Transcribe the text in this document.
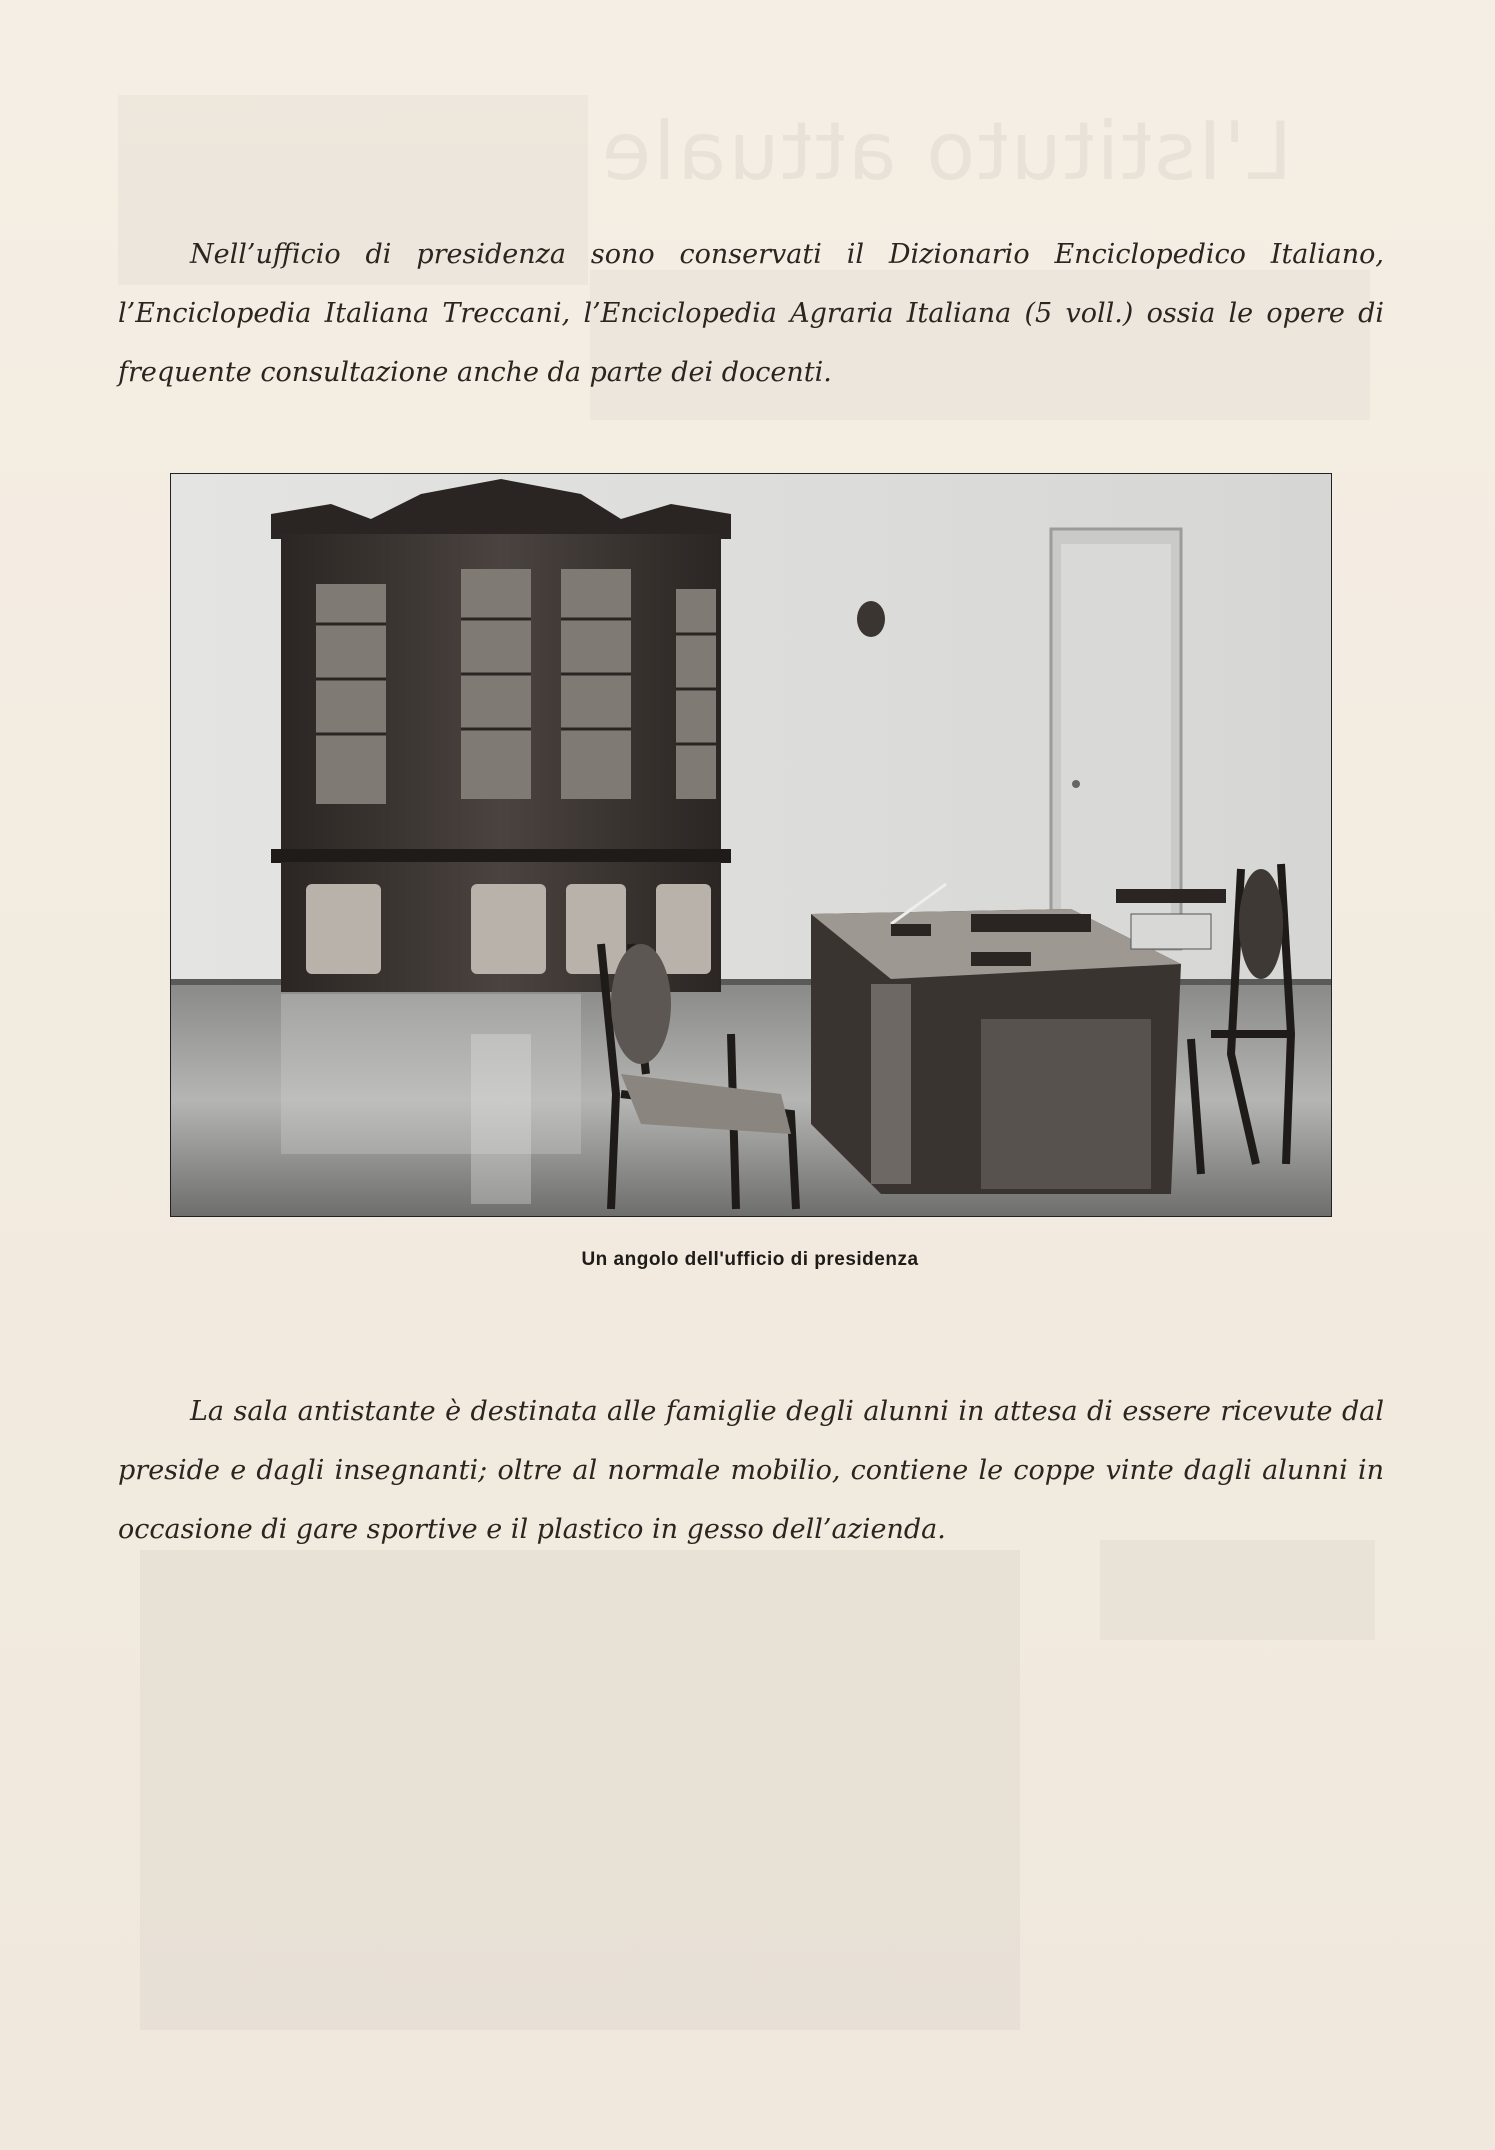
L'Istituto attuale

Nell’ufficio di presidenza sono conservati il Dizionario Enciclopedico Italiano, l’Enciclopedia Italiana Treccani, l’Enciclopedia Agraria Italiana (5 voll.) ossia le opere di frequente consultazione anche da parte dei docenti.

Un angolo dell'ufficio di presidenza

La sala antistante è destinata alle famiglie degli alunni in attesa di essere ricevute dal preside e dagli insegnanti; oltre al normale mobilio, contiene le coppe vinte dagli alunni in occasione di gare sportive e il plastico in gesso dell’azienda.
